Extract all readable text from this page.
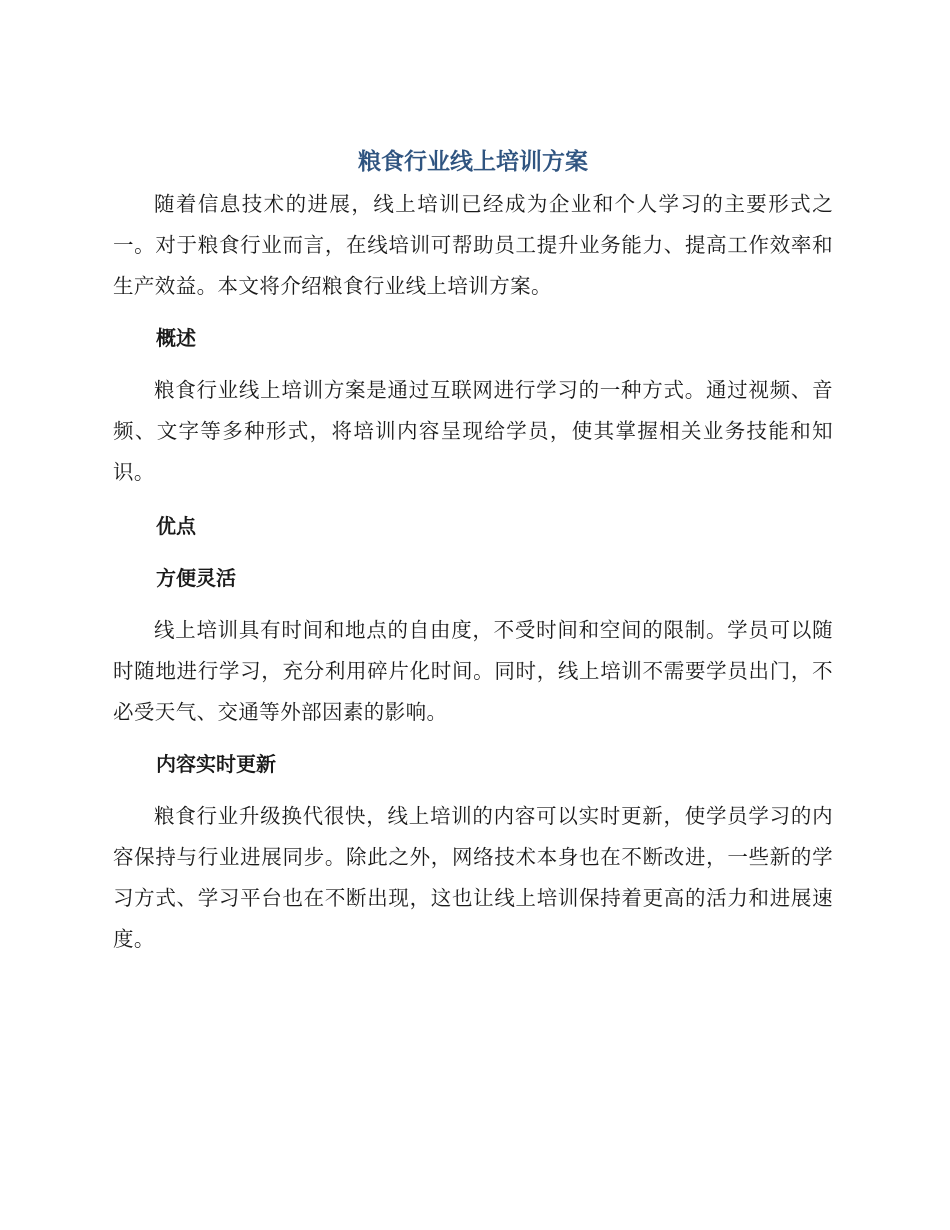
粮食行业线上培训方案

随着信息技术的进展，线上培训已经成为企业和个人学习的主要形式之一。对于粮食行业而言，在线培训可帮助员工提升业务能力、提高工作效率和生产效益。本文将介绍粮食行业线上培训方案。

概述

粮食行业线上培训方案是通过互联网进行学习的一种方式。通过视频、音频、文字等多种形式，将培训内容呈现给学员，使其掌握相关业务技能和知识。

优点
方便灵活

线上培训具有时间和地点的自由度，不受时间和空间的限制。学员可以随时随地进行学习，充分利用碎片化时间。同时，线上培训不需要学员出门，不必受天气、交通等外部因素的影响。

内容实时更新

粮食行业升级换代很快，线上培训的内容可以实时更新，使学员学习的内容保持与行业进展同步。除此之外，网络技术本身也在不断改进，一些新的学习方式、学习平台也在不断出现，这也让线上培训保持着更高的活力和进展速度。
